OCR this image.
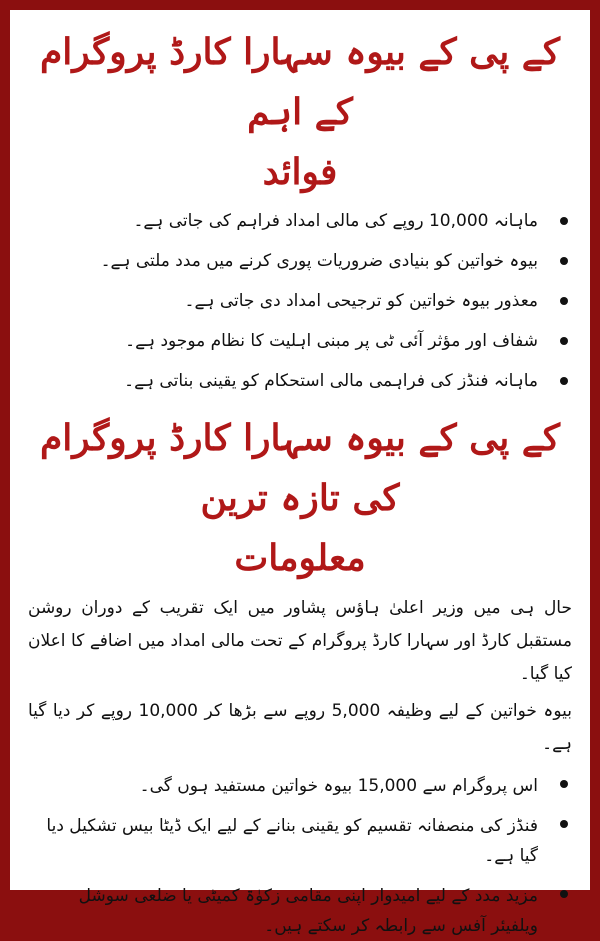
کے پی کے بیوہ سہارا کارڈ پروگرام کے اہم
فوائد
ماہانہ 10,000 روپے کی مالی امداد فراہم کی جاتی ہے۔
بیوہ خواتین کو بنیادی ضروریات پوری کرنے میں مدد ملتی ہے۔
معذور بیوہ خواتین کو ترجیحی امداد دی جاتی ہے۔
شفاف اور مؤثر آئی ٹی پر مبنی اہلیت کا نظام موجود ہے۔
ماہانہ فنڈز کی فراہمی مالی استحکام کو یقینی بناتی ہے۔
کے پی کے بیوہ سہارا کارڈ پروگرام کی تازہ ترین
معلومات

حال ہی میں وزیر اعلیٰ ہاؤس پشاور میں ایک تقریب کے دوران روشن مستقبل کارڈ اور سہارا کارڈ پروگرام کے تحت مالی امداد میں اضافے کا اعلان کیا گیا۔

بیوہ خواتین کے لیے وظیفہ 5,000 روپے سے بڑھا کر 10,000 روپے کر دیا گیا ہے۔

اس پروگرام سے 15,000 بیوہ خواتین مستفید ہوں گی۔
فنڈز کی منصفانہ تقسیم کو یقینی بنانے کے لیے ایک ڈیٹا بیس تشکیل دیا گیا ہے۔
مزید مدد کے لیے امیدوار اپنی مقامی زکوٰۃ کمیٹی یا ضلعی سوشل ویلفیئر آفس سے رابطہ کر سکتے ہیں۔
